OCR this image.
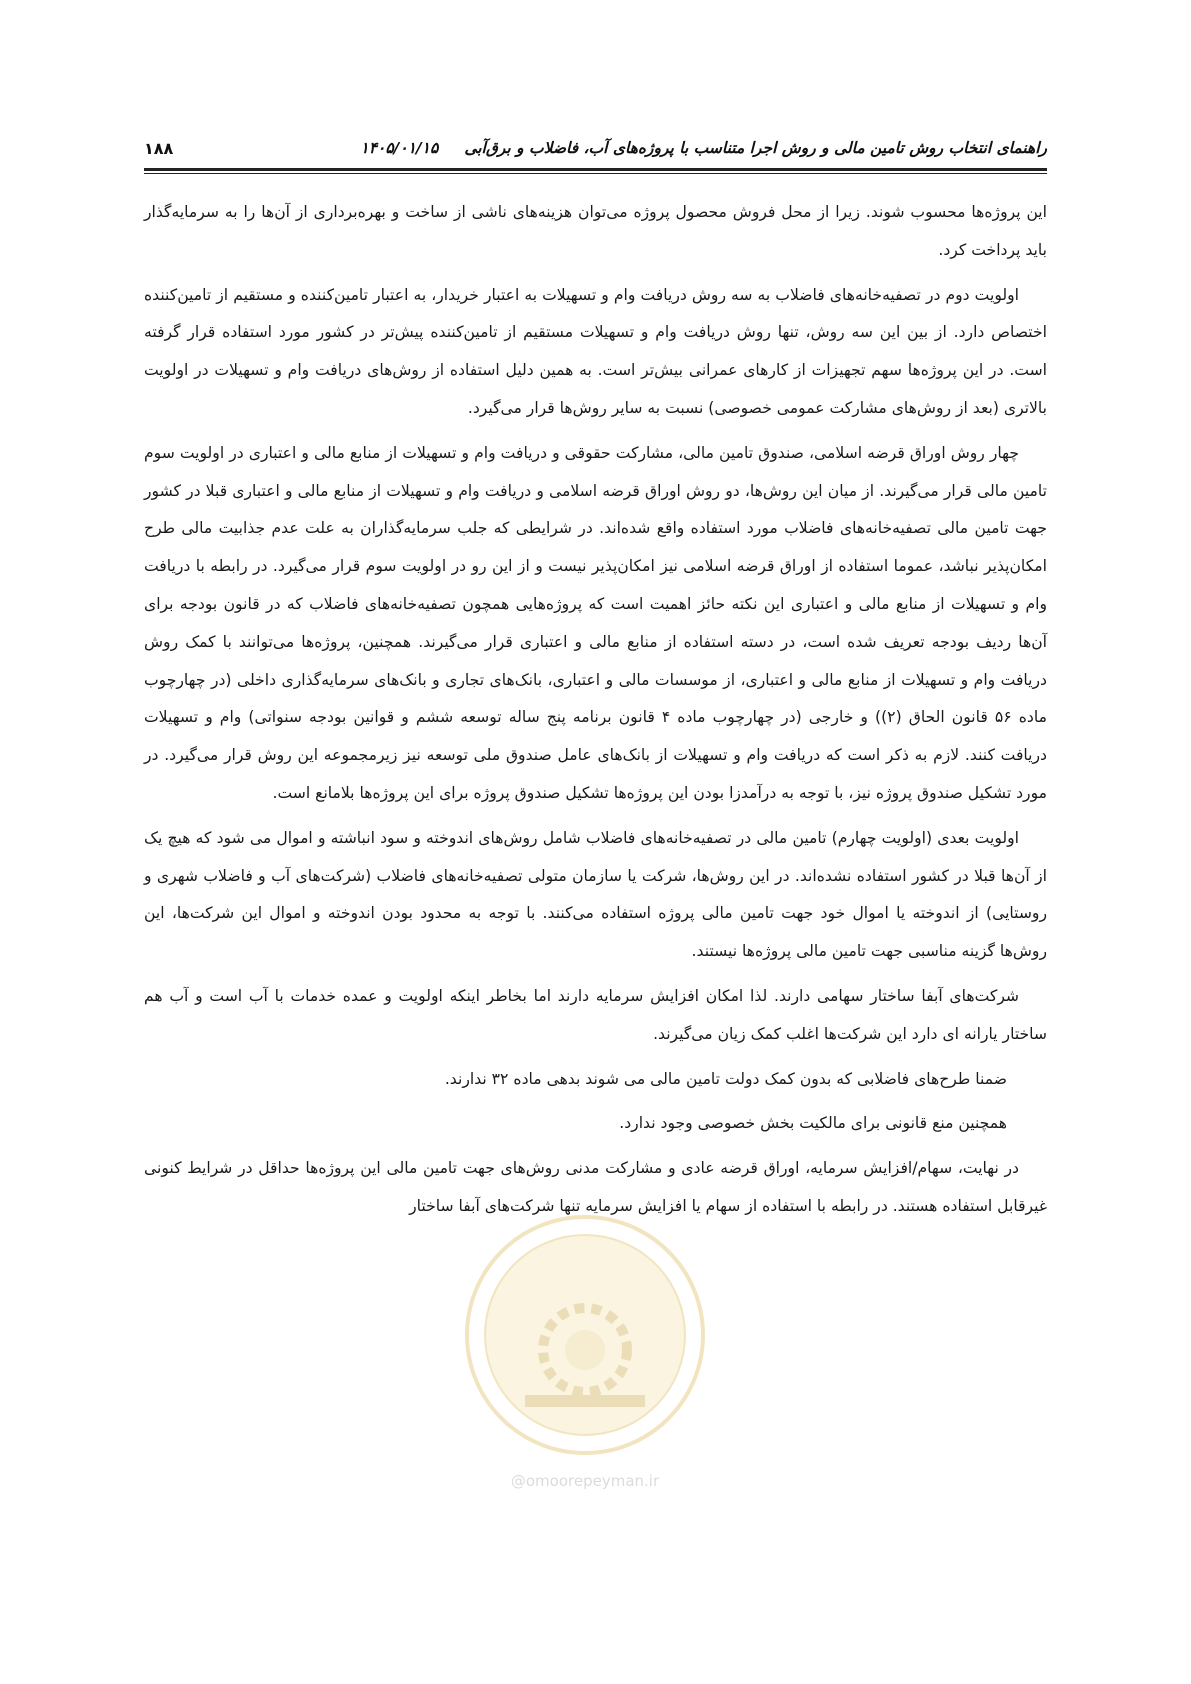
راهنمای انتخاب روش تامین مالی و روش اجرا متناسب با پروژه‌های آب، فاضلاب و برق‌آبی
۱۴۰۵/۰۱/۱۵
۱۸۸

این پروژه‌ها محسوب شوند. زیرا از محل فروش محصول پروژه می‌توان هزینه‌های ناشی از ساخت و بهره‌برداری از آن‌ها را به سرمایه‌گذار باید پرداخت کرد.

اولویت دوم در تصفیه‌خانه‌های فاضلاب به سه روش دریافت وام و تسهیلات به اعتبار خریدار، به اعتبار تامین‌کننده و مستقیم از تامین‌کننده اختصاص دارد. از بین این سه روش، تنها روش دریافت وام و تسهیلات مستقیم از تامین‌کننده پیش‌تر در کشور مورد استفاده قرار گرفته است. در این پروژه‌ها سهم تجهیزات از کارهای عمرانی بیش‌تر است. به همین دلیل استفاده از روش‌های دریافت وام و تسهیلات در اولویت بالاتری (بعد از روش‌های مشارکت عمومی خصوصی) نسبت به سایر روش‌ها قرار می‌گیرد.

چهار روش اوراق قرضه اسلامی، صندوق تامین مالی، مشارکت حقوقی و دریافت وام و تسهیلات از منابع مالی و اعتباری در اولویت سوم تامین مالی قرار می‌گیرند. از میان این روش‌ها، دو روش اوراق قرضه اسلامی و دریافت وام و تسهیلات از منابع مالی و اعتباری قبلا در کشور جهت تامین مالی تصفیه‌خانه‌های فاضلاب مورد استفاده واقع شده‌اند. در شرایطی که جلب سرمایه‌گذاران به علت عدم جذابیت مالی طرح امکان‌پذیر نباشد، عموما استفاده از اوراق قرضه اسلامی نیز امکان‌پذیر نیست و از این رو در اولویت سوم قرار می‌گیرد. در رابطه با دریافت وام و تسهیلات از منابع مالی و اعتباری این نکته حائز اهمیت است که پروژه‌هایی همچون تصفیه‌خانه‌های فاضلاب که در قانون بودجه برای آن‌ها ردیف بودجه تعریف شده است، در دسته استفاده از منابع مالی و اعتباری قرار می‌گیرند. همچنین، پروژه‌ها می‌توانند با کمک روش دریافت وام و تسهیلات از منابع مالی و اعتباری، از موسسات مالی و اعتباری، بانک‌های تجاری و بانک‌های سرمایه‌گذاری داخلی (در چهارچوب ماده ۵۶ قانون الحاق (۲)) و خارجی (در چهارچوب ماده ۴ قانون برنامه پنج ساله توسعه ششم و قوانین بودجه سنواتی) وام و تسهیلات دریافت کنند. لازم به ذکر است که دریافت وام و تسهیلات از بانک‌های عامل صندوق ملی توسعه نیز زیرمجموعه این روش قرار می‌گیرد. در مورد تشکیل صندوق پروژه نیز، با توجه به درآمدزا بودن این پروژه‌ها تشکیل صندوق پروژه برای این پروژه‌ها بلامانع است.

اولویت بعدی (اولویت چهارم) تامین مالی در تصفیه‌خانه‌های فاضلاب شامل روش‌های اندوخته و سود انباشته و اموال می شود که هیچ یک از آن‌ها قبلا در کشور استفاده نشده‌اند. در این روش‌ها، شرکت یا سازمان متولی تصفیه‌خانه‌های فاضلاب (شرکت‌های آب و فاضلاب شهری و روستایی) از اندوخته یا اموال خود جهت تامین مالی پروژه استفاده می‌کنند. با توجه به محدود بودن اندوخته و اموال این شرکت‌ها، این روش‌ها گزینه مناسبی جهت تامین مالی پروژه‌ها نیستند.

شرکت‌های آبفا ساختار سهامی دارند. لذا امکان افزایش سرمایه دارند اما بخاطر اینکه اولویت و عمده خدمات با آب است و آب هم ساختار یارانه ای دارد این شرکت‌ها اغلب کمک زیان می‌گیرند.

ضمنا طرح‌های فاضلابی که بدون کمک دولت تامین مالی می شوند بدهی ماده ۳۲ ندارند.

همچنین منع قانونی برای مالکیت بخش خصوصی وجود ندارد.

در نهایت، سهام/افزایش سرمایه، اوراق قرضه عادی و مشارکت مدنی روش‌های جهت تامین مالی این پروژه‌ها حداقل در شرایط کنونی غیرقابل استفاده هستند. در رابطه با استفاده از سهام یا افزایش سرمایه تنها شرکت‌های آبفا ساختار

@omoorepeyman.ir
